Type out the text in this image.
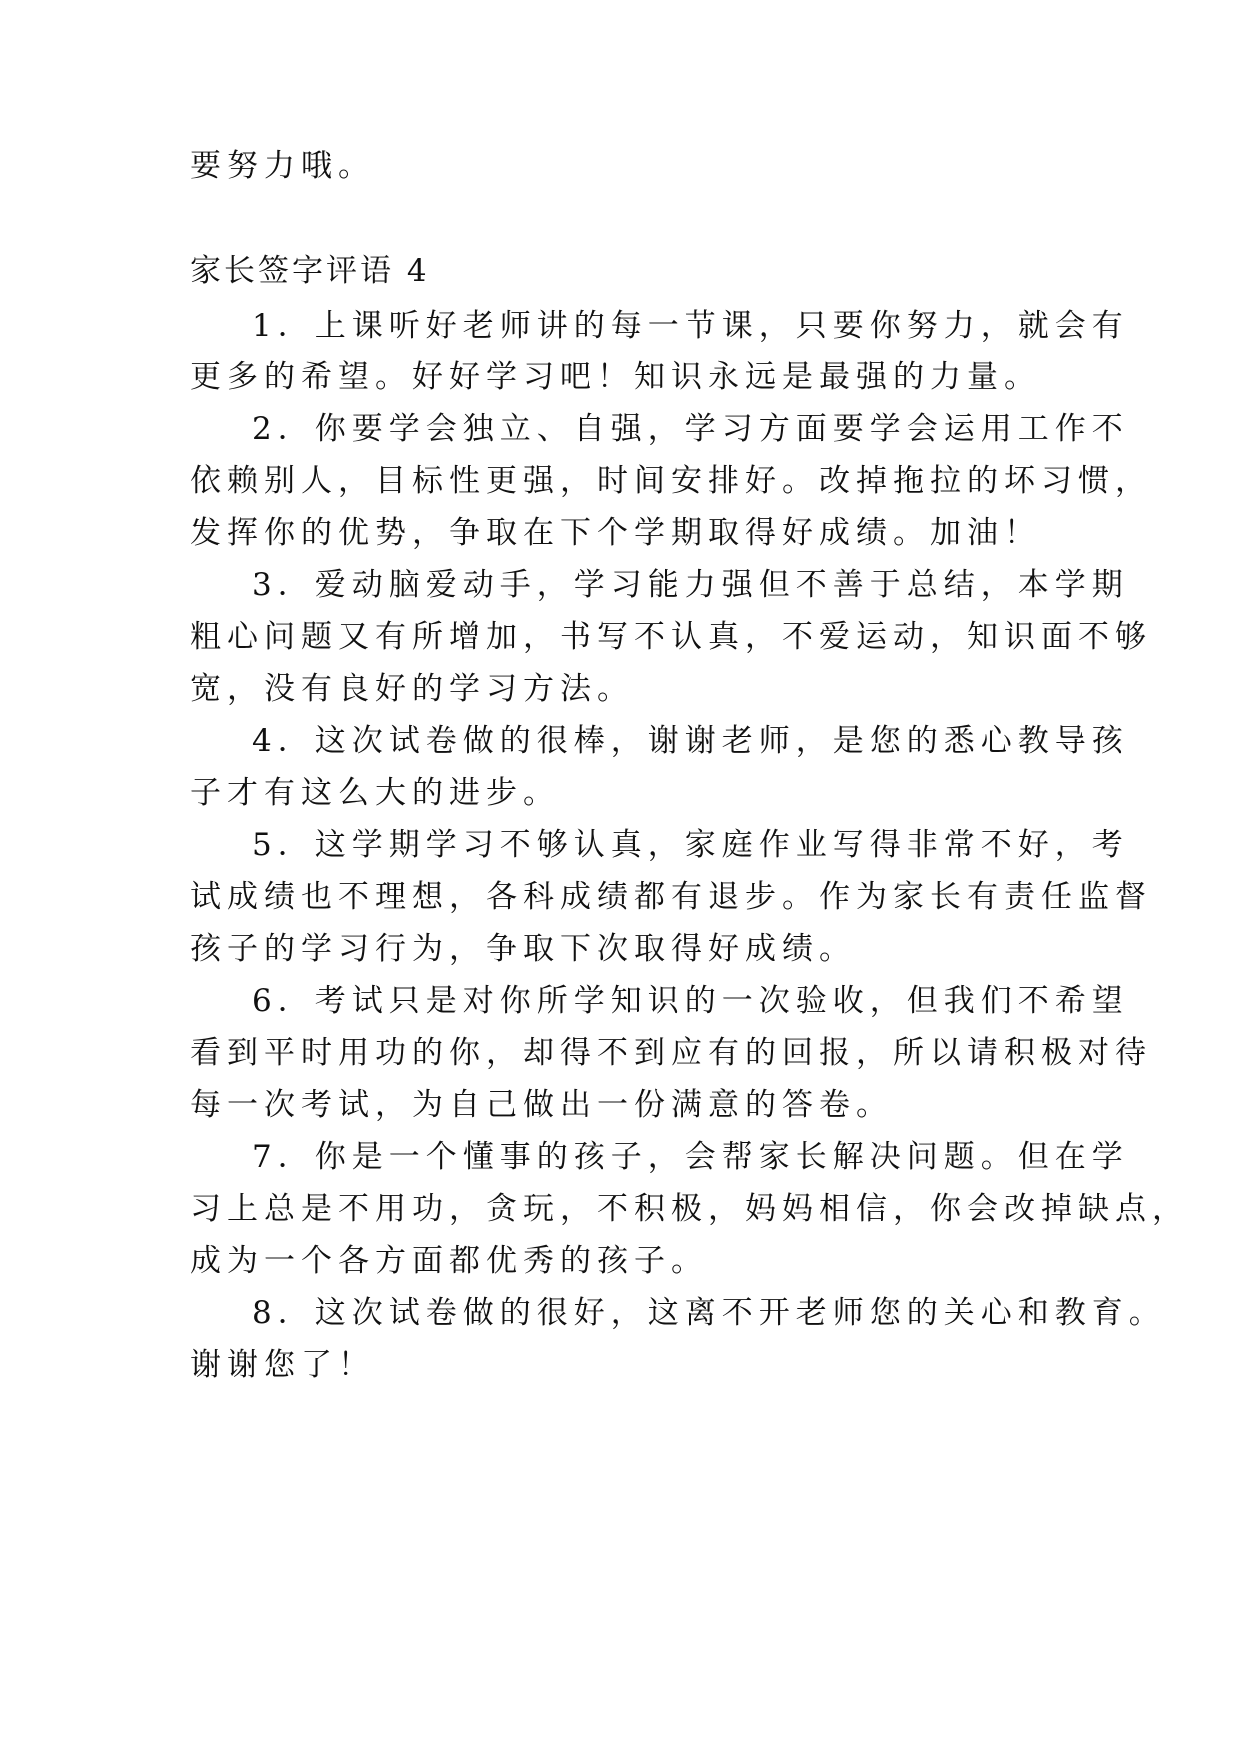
要努力哦。
家长签字评语 4
1．上课听好老师讲的每一节课，只要你努力，就会有
更多的希望。好好学习吧！知识永远是最强的力量。
2．你要学会独立、自强，学习方面要学会运用工作不
依赖别人，目标性更强，时间安排好。改掉拖拉的坏习惯，
发挥你的优势，争取在下个学期取得好成绩。加油！
3．爱动脑爱动手，学习能力强但不善于总结，本学期
粗心问题又有所增加，书写不认真，不爱运动，知识面不够
宽，没有良好的学习方法。
4．这次试卷做的很棒，谢谢老师，是您的悉心教导孩
子才有这么大的进步。
5．这学期学习不够认真，家庭作业写得非常不好，考
试成绩也不理想，各科成绩都有退步。作为家长有责任监督
孩子的学习行为，争取下次取得好成绩。
6．考试只是对你所学知识的一次验收，但我们不希望
看到平时用功的你，却得不到应有的回报，所以请积极对待
每一次考试，为自己做出一份满意的答卷。
7．你是一个懂事的孩子，会帮家长解决问题。但在学
习上总是不用功，贪玩，不积极，妈妈相信，你会改掉缺点，
成为一个各方面都优秀的孩子。
8．这次试卷做的很好，这离不开老师您的关心和教育。
谢谢您了！
